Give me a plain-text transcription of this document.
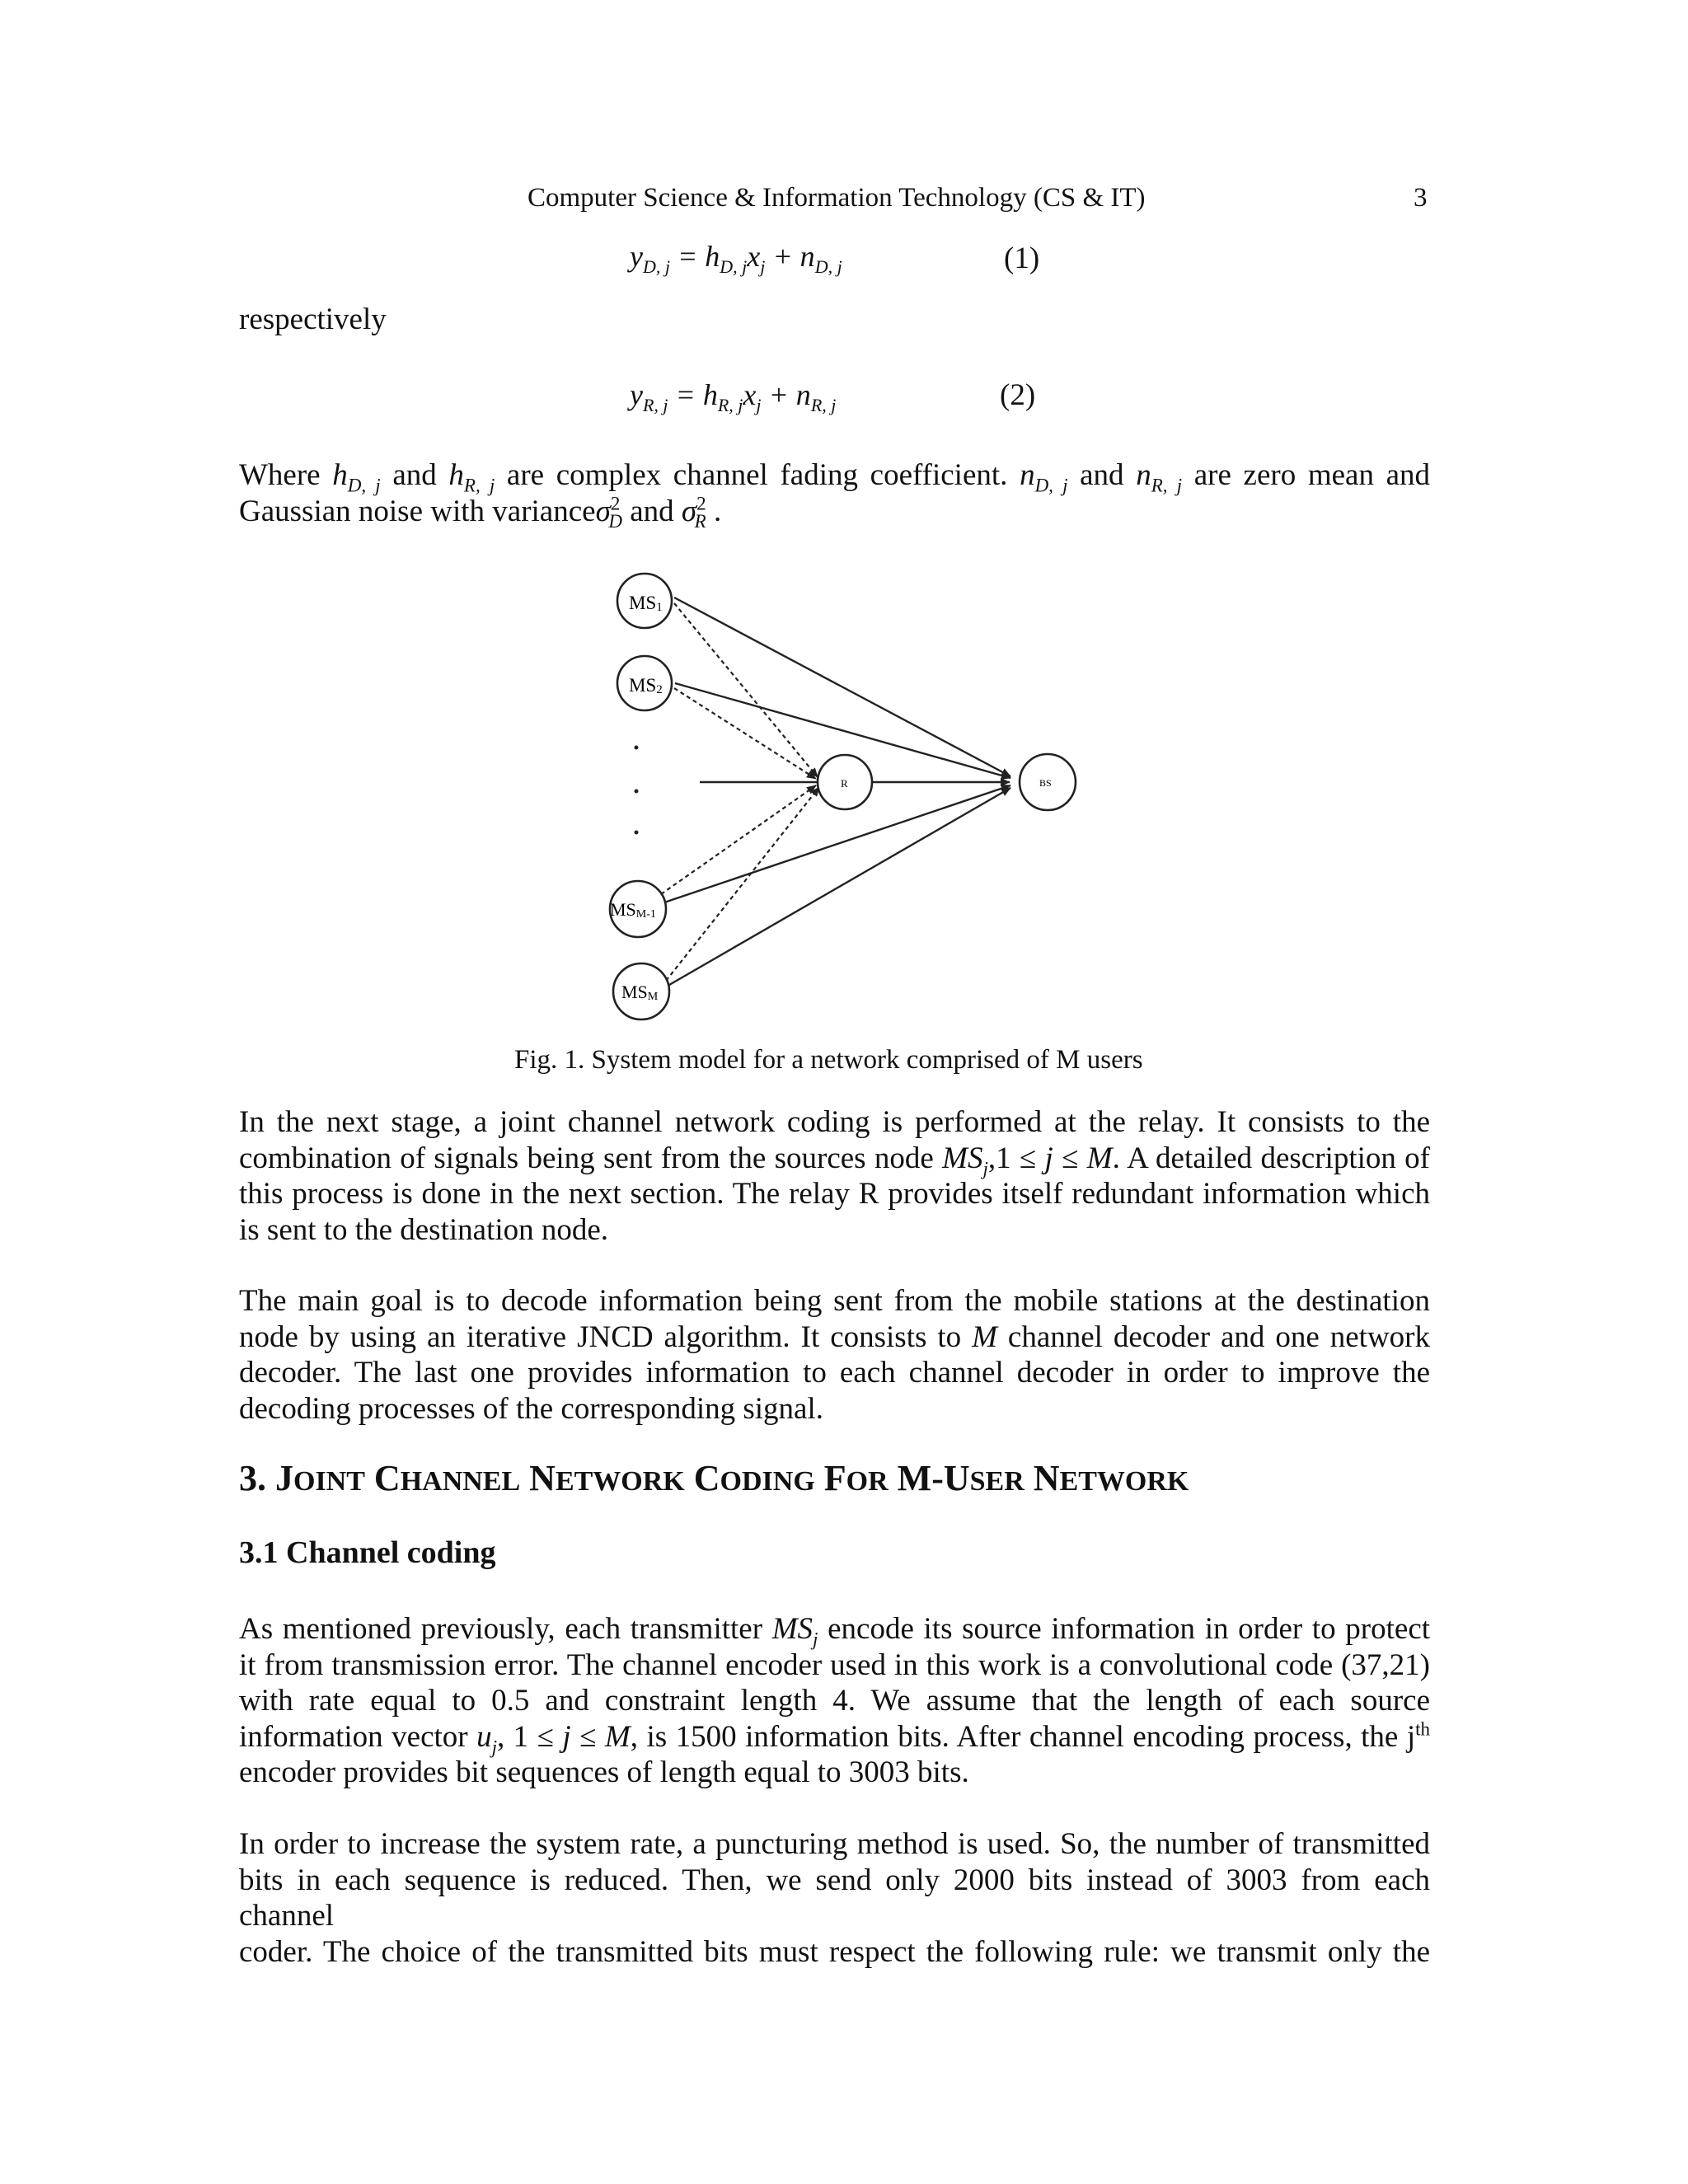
Computer Science & Information Technology (CS & IT)	3
$y_{D, j} = h_{D, j}x_j + n_{D, j}$	(1)
respectively
$y_{R, j} = h_{R, j}x_j + n_{R, j}$	(2)
Where $h_{D, j}$ and $h_{R, j}$ are complex channel fading coefficient. $n_{D, j}$ and $n_{R, j}$ are zero mean and
Gaussian noise with varianceσ$^2_D$ and $\sigma^2_R$ .
MS1
MS2
MSM-1
MSM
R	BS
Fig. 1. System model for a network comprised of M users
In the next stage, a joint channel network coding is performed at the relay. It consists to the
combination of signals being sent from the sources node $MS_j,1 \le j \le M$. A detailed description of
this process is done in the next section. The relay R provides itself redundant information which
is sent to the destination node.
The main goal is to decode information being sent from the mobile stations at the destination
node by using an iterative JNCD algorithm. It consists to M channel decoder and one network
decoder. The last one provides information to each channel decoder in order to improve the
decoding processes of the corresponding signal.
3. JOINT CHANNEL NETWORK CODING FOR M-USER NETWORK
3.1 Channel coding
As mentioned previously, each transmitter $MS_j$ encode its source information in order to protect
it from transmission error. The channel encoder used in this work is a convolutional code (37,21)
with rate equal to 0.5 and constraint length 4. We assume that the length of each source
information vector $u_j$, 1 ≤ j ≤ M, is 1500 information bits. After channel encoding process, the $j^{th}$
encoder provides bit sequences of length equal to 3003 bits.
In order to increase the system rate, a puncturing method is used. So, the number of transmitted
bits in each sequence is reduced. Then, we send only 2000 bits instead of 3003 from each channel
coder. The choice of the transmitted bits must respect the following rule: we transmit only the
